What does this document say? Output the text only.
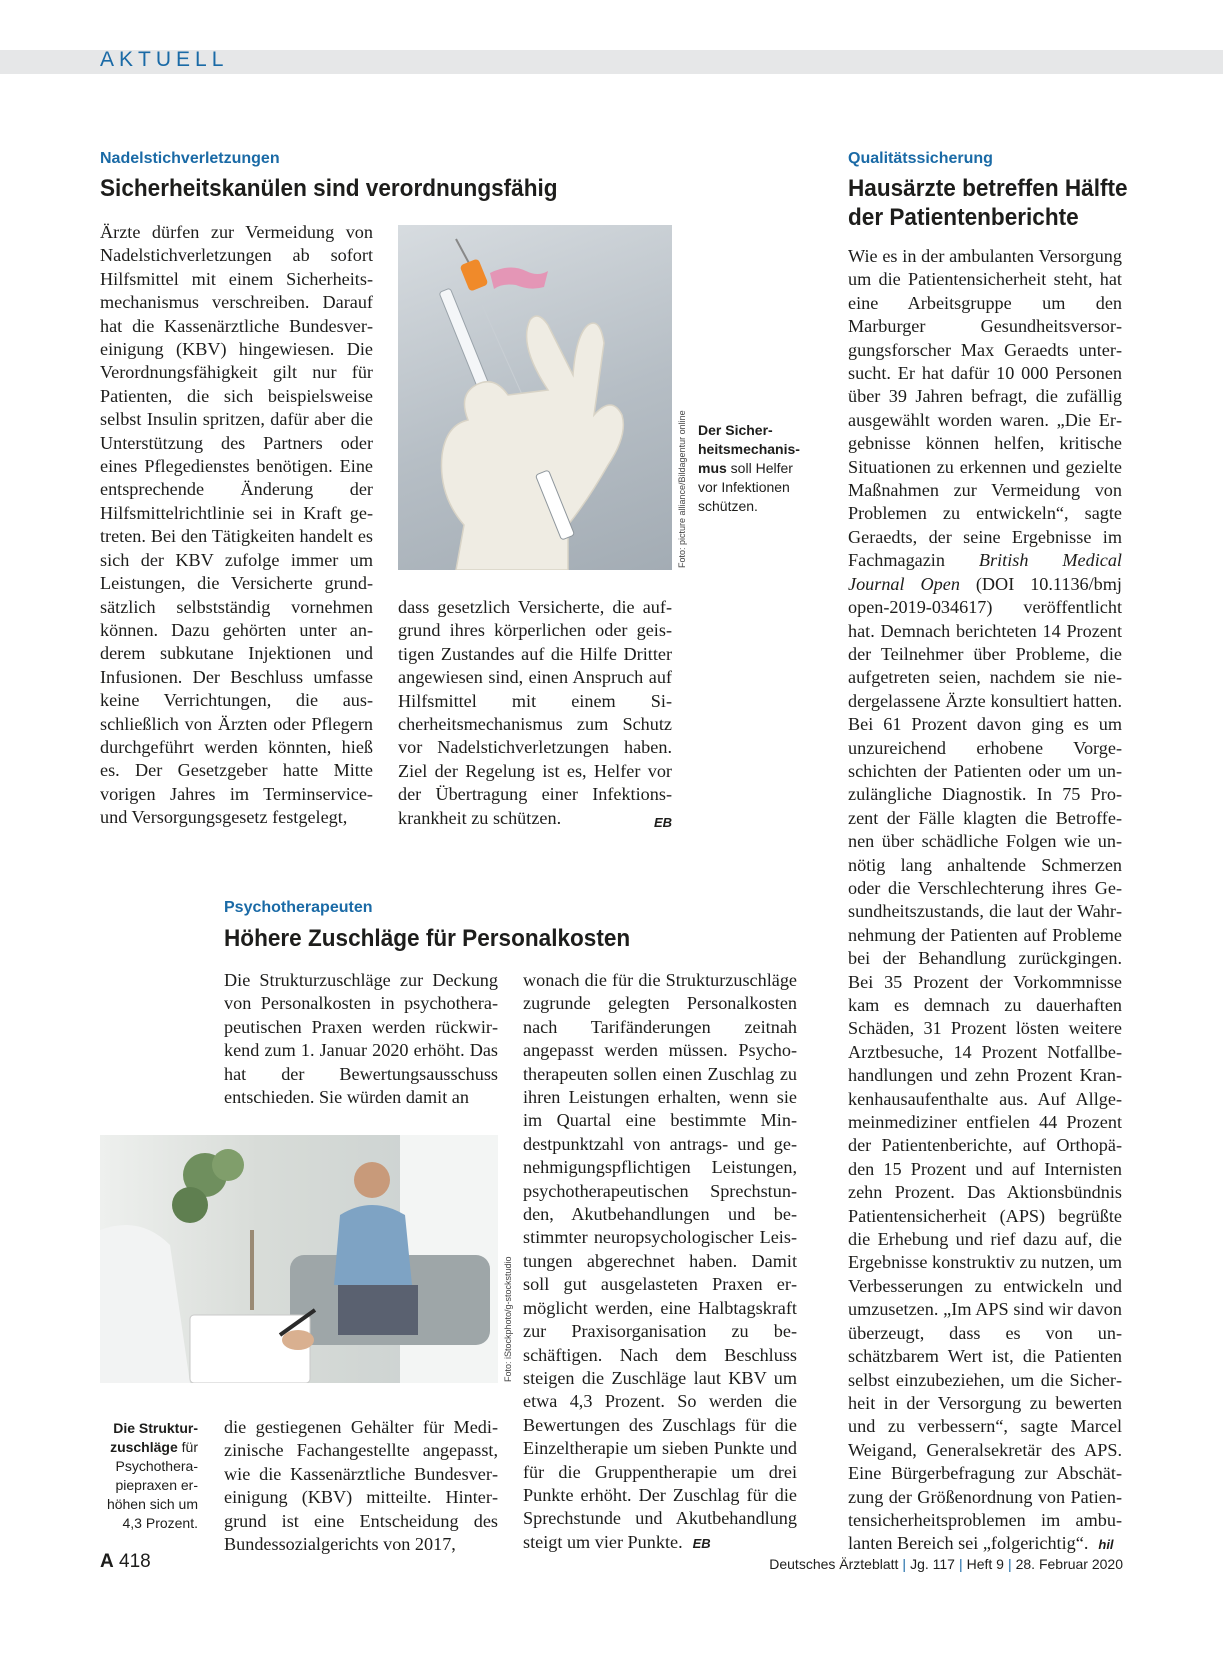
AKTUELL
Nadelstichverletzungen
Sicherheitskanülen sind verordnungsfähig

Ärzte dürfen zur Vermeidung von Nadelstichverletzungen ab sofort Hilfsmittel mit einem Sicherheitsmechanismus verschreiben. Darauf hat die Kassenärztliche Bundesvereinigung (KBV) hingewiesen. Die Verordnungsfähigkeit gilt nur für Patienten, die sich beispielsweise selbst Insulin spritzen, dafür aber die Unterstützung des Partners oder eines Pflegedienstes benötigen. Eine entsprechende Änderung der Hilfsmittelrichtlinie sei in Kraft getreten. Bei den Tätigkeiten handelt es sich der KBV zufolge immer um Leistungen, die Versicherte grundsätzlich selbstständig vornehmen können. Dazu gehörten unter anderem subkutane Injektionen und Infusionen. Der Beschluss umfasse keine Verrichtungen, die ausschließlich von Ärzten oder Pflegern durchgeführt werden könnten, hieß es. Der Gesetzgeber hatte Mitte vorigen Jahres im Terminservice- und Versorgungsgesetz festgelegt,

Foto: picture alliance/Bildagentur online Der Sicherheitsmechanismus soll Helfer vor Infektionen schützen.

dass gesetzlich Versicherte, die aufgrund ihres körperlichen oder geistigen Zustandes auf die Hilfe Dritter angewiesen sind, einen Anspruch auf Hilfsmittel mit einem Sicherheitsmechanismus zum Schutz vor Nadelstichverletzungen haben. Ziel der Regelung ist es, Helfer vor der Übertragung einer Infektionskrankheit zu schützen.	EB

Psychotherapeuten
Höhere Zuschläge für Personalkosten

Die Strukturzuschläge zur Deckung von Personalkosten in psychotherapeutischen Praxen werden rückwirkend zum 1. Januar 2020 erhöht. Das hat der Bewertungsausschuss entschieden. Sie würden damit an

Foto: iStockphoto/g-stockstudio
Die Strukturzuschläge für Psychotherapiepraxen erhöhen sich um 4,3 Prozent.

die gestiegenen Gehälter für Medizinische Fachangestellte angepasst, wie die Kassenärztliche Bundesvereinigung (KBV) mitteilte. Hintergrund ist eine Entscheidung des Bundessozialgerichts von 2017,

wonach die für die Strukturzuschläge zugrunde gelegten Personalkosten nach Tarifänderungen zeitnah angepasst werden müssen. Psychotherapeuten sollen einen Zuschlag zu ihren Leistungen erhalten, wenn sie im Quartal eine bestimmte Mindestpunktzahl von antrags- und genehmigungspflichtigen Leistungen, psychotherapeutischen Sprechstunden, Akutbehandlungen und bestimmter neuropsychologischer Leistungen abgerechnet haben. Damit soll gut ausgelasteten Praxen ermöglicht werden, eine Halbtagskraft zur Praxisorganisation zu beschäftigen. Nach dem Beschluss steigen die Zuschläge laut KBV um etwa 4,3 Prozent. So werden die Bewertungen des Zuschlags für die Einzeltherapie um sieben Punkte und für die Gruppentherapie um drei Punkte erhöht. Der Zuschlag für die Sprechstunde und Akutbehandlung steigt um vier Punkte. EB

Qualitätssicherung
Hausärzte betreffen Hälfte
der Patientenberichte

Wie es in der ambulanten Versorgung um die Patientensicherheit steht, hat eine Arbeitsgruppe um den Marburger Gesundheitsversorgungsforscher Max Geraedts untersucht. Er hat dafür 10 000 Personen über 39 Jahren befragt, die zufällig ausgewählt worden waren. „Die Ergebnisse können helfen, kritische Situationen zu erkennen und gezielte Maßnahmen zur Vermeidung von Problemen zu entwickeln“, sagte Geraedts, der seine Ergebnisse im Fachmagazin British Medical Journal Open (DOI 10.1136/bmj open-2019-034617) veröffentlicht hat. Demnach berichteten 14 Prozent der Teilnehmer über Probleme, die aufgetreten seien, nachdem sie niedergelassene Ärzte konsultiert hatten. Bei 61 Prozent davon ging es um unzureichend erhobene Vorgeschichten der Patienten oder um unzulängliche Diagnostik. In 75 Prozent der Fälle klagten die Betroffenen über schädliche Folgen wie unnötig lang anhaltende Schmerzen oder die Verschlechterung ihres Gesundheitszustands, die laut der Wahrnehmung der Patienten auf Probleme bei der Behandlung zurückgingen. Bei 35 Prozent der Vorkommnisse kam es demnach zu dauerhaften Schäden, 31 Prozent lösten weitere Arztbesuche, 14 Prozent Notfallbehandlungen und zehn Prozent Krankenhausaufenthalte aus. Auf Allgemeinmediziner entfielen 44 Prozent der Patientenberichte, auf Orthopäden 15 Prozent und auf Internisten zehn Prozent. Das Aktionsbündnis Patientensicherheit (APS) begrüßte die Erhebung und rief dazu auf, die Ergebnisse konstruktiv zu nutzen, um Verbesserungen zu entwickeln und umzusetzen. „Im APS sind wir davon überzeugt, dass es von unschätzbarem Wert ist, die Patienten selbst einzubeziehen, um die Sicherheit in der Versorgung zu bewerten und zu verbessern“, sagte Marcel Weigand, Generalsekretär des APS. Eine Bürgerbefragung zur Abschätzung der Größenordnung von Patientensicherheitsproblemen im ambulanten Bereich sei „folgerichtig“. hil

A 418	Deutsches Ärzteblatt | Jg. 117 | Heft 9 | 28. Februar 2020
